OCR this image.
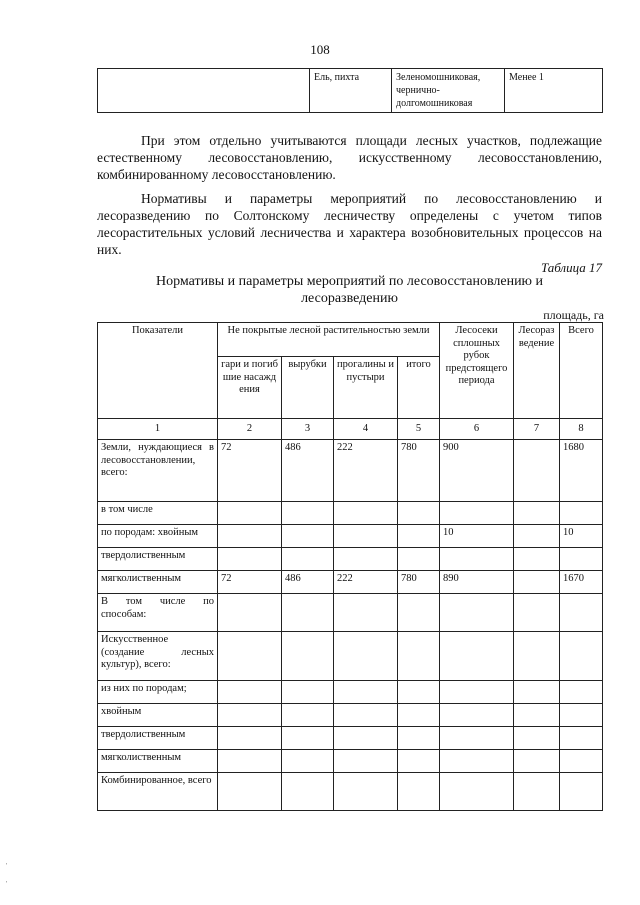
108
	Ель, пихта	Зеленомошниковая, чернично-долгомошниковая	Менее 1

При этом отдельно учитываются площади лесных участков, подлежащие естественному лесовосстановлению, искусственному лесовосстановлению, комбинированному лесовосстановлению.

Нормативы и параметры мероприятий по лесовосстановлению и лесоразведению по Солтонскому лесничеству определены с учетом типов лесорастительных условий лесничества и характера возобновительных процессов на них.

Таблица 17
Нормативы и параметры мероприятий по лесовосстановлению и
лесоразведению
площадь, га
Показатели	Не покрытые лесной растительностью земли				Лесосеки сплошных рубок предстоящего периода	Лесоразведение	Всего
	гари и погибшие насаждения	вырубки	прогалины и пустыри	итого			
1	2	3	4	5	6	7	8
Земли, нуждающиеся в лесовосстановлении, всего:	72	486	222	780	900		1680
в том числе							
по породам: хвойным					10		10
твердолиственным							
мягколиственным	72	486	222	780	890		1670
В том числе по способам:							
Искусственное (создание лесных культур), всего:							
из них по породам;							
хвойным							
твердолиственным							
мягколиственным							
Комбинированное, всего							
'
'
